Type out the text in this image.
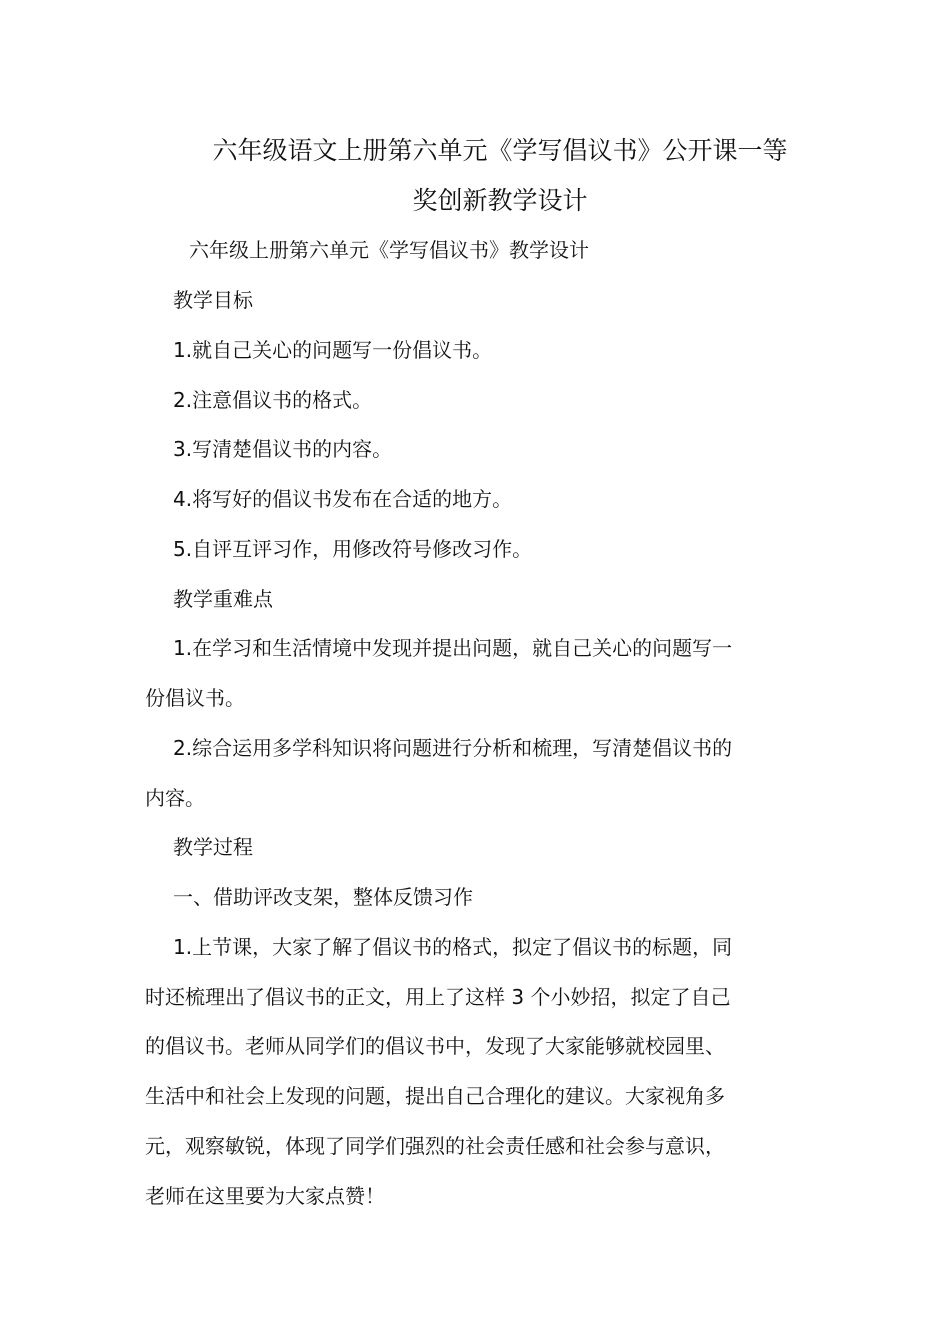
六年级语文上册第六单元《学写倡议书》公开课一等
奖创新教学设计
六年级上册第六单元《学写倡议书》教学设计
教学目标
1.就自己关心的问题写一份倡议书。
2.注意倡议书的格式。
3.写清楚倡议书的内容。
4.将写好的倡议书发布在合适的地方。
5.自评互评习作，用修改符号修改习作。
教学重难点
1.在学习和生活情境中发现并提出问题，就自己关心的问题写一
份倡议书。
2.综合运用多学科知识将问题进行分析和梳理，写清楚倡议书的
内容。
教学过程
一、借助评改支架，整体反馈习作
1.上节课，大家了解了倡议书的格式，拟定了倡议书的标题，同
时还梳理出了倡议书的正文，用上了这样 3 个小妙招，拟定了自己
的倡议书。老师从同学们的倡议书中，发现了大家能够就校园里、
生活中和社会上发现的问题，提出自己合理化的建议。大家视角多
元，观察敏锐，体现了同学们强烈的社会责任感和社会参与意识，
老师在这里要为大家点赞！
